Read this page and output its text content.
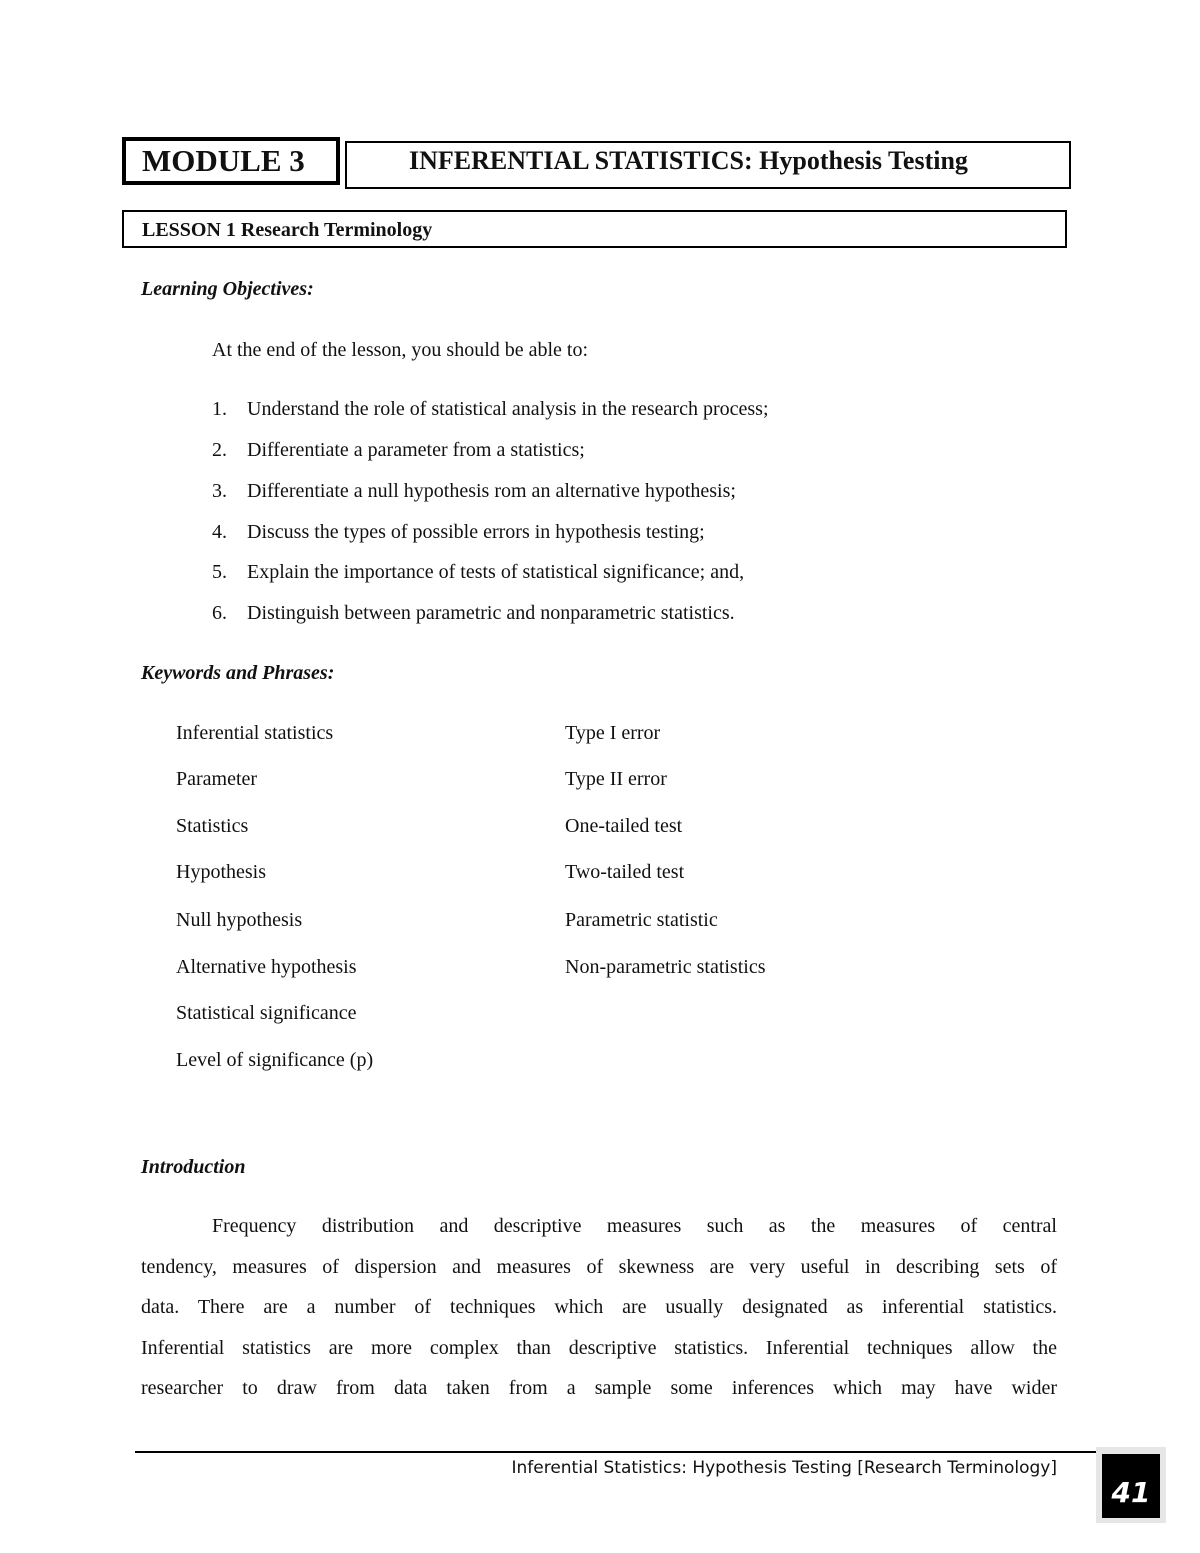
MODULE 3	INFERENTIAL STATISTICS: Hypothesis Testing
LESSON 1 Research Terminology
Learning Objectives:
At the end of the lesson, you should be able to:
1. Understand the role of statistical analysis in the research process;
2. Differentiate a parameter from a statistics;
3. Differentiate a null hypothesis rom an alternative hypothesis;
4. Discuss the types of possible errors in hypothesis testing;
5. Explain the importance of tests of statistical significance; and,
6. Distinguish between parametric and nonparametric statistics.
Keywords and Phrases:
Inferential statistics
Parameter
Statistics
Hypothesis
Null hypothesis
Alternative hypothesis
Statistical significance
Level of significance (p)
Type I error
Type II error
One-tailed test
Two-tailed test
Parametric statistic
Non-parametric statistics
Introduction
Frequency distribution and descriptive measures such as the measures of central
tendency, measures of dispersion and measures of skewness are very useful in describing sets of
data. There are a number of techniques which are usually designated as inferential statistics.
Inferential statistics are more complex than descriptive statistics. Inferential techniques allow the
researcher to draw from data taken from a sample some inferences which may have wider
Inferential Statistics: Hypothesis Testing [Research Terminology]
41
